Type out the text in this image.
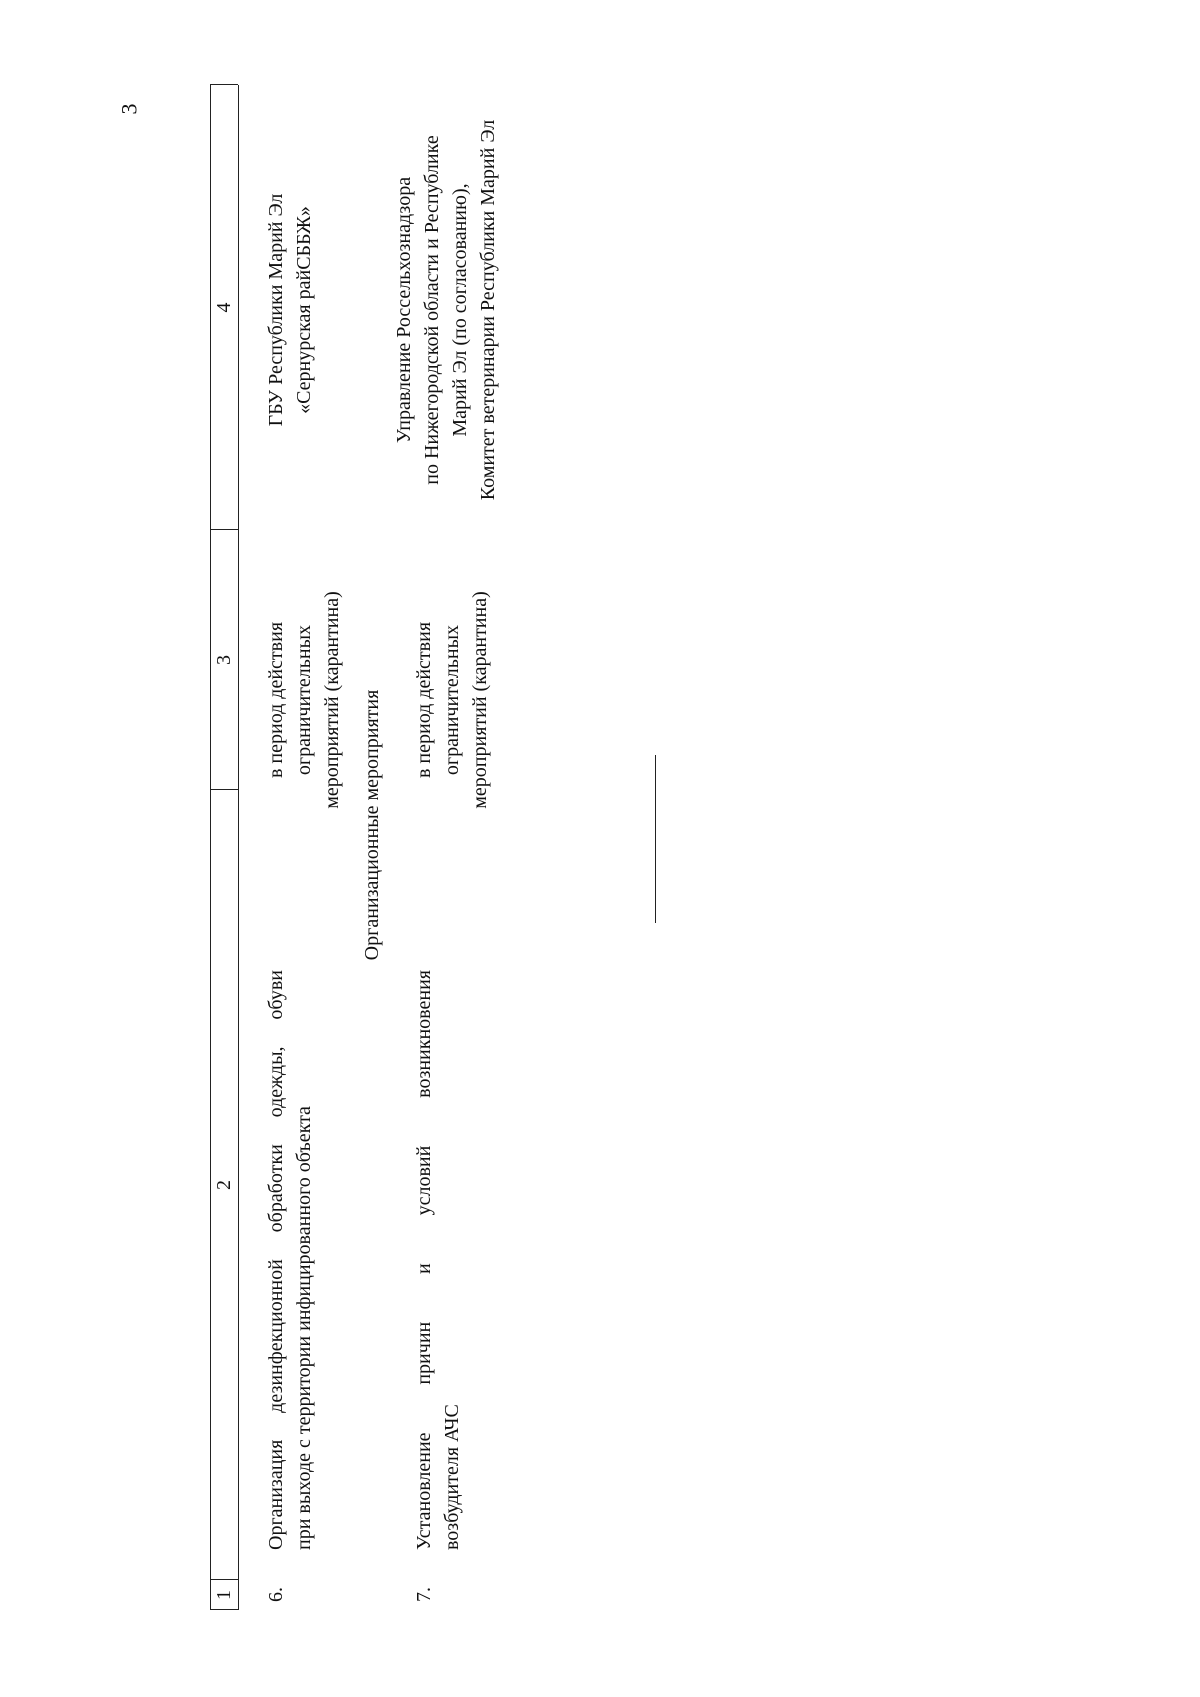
3
1
2
3
4
6.
Организация
дезинфекционной
обработки
одежды,
обуви
при выходе с территории инфицированного объекта
в период действия ограничительных мероприятий (карантина)
ГБУ Республики Марий Эл «Сернурская райСББЖ»
Организационные мероприятия
7.
Установление
причин
и
условий
возникновения
возбудителя АЧС
в период действия ограничительных мероприятий (карантина)
Управление Россельхознадзора по Нижегородской области и Республике Марий Эл (по согласованию), Комитет ветеринарии Республики Марий Эл
